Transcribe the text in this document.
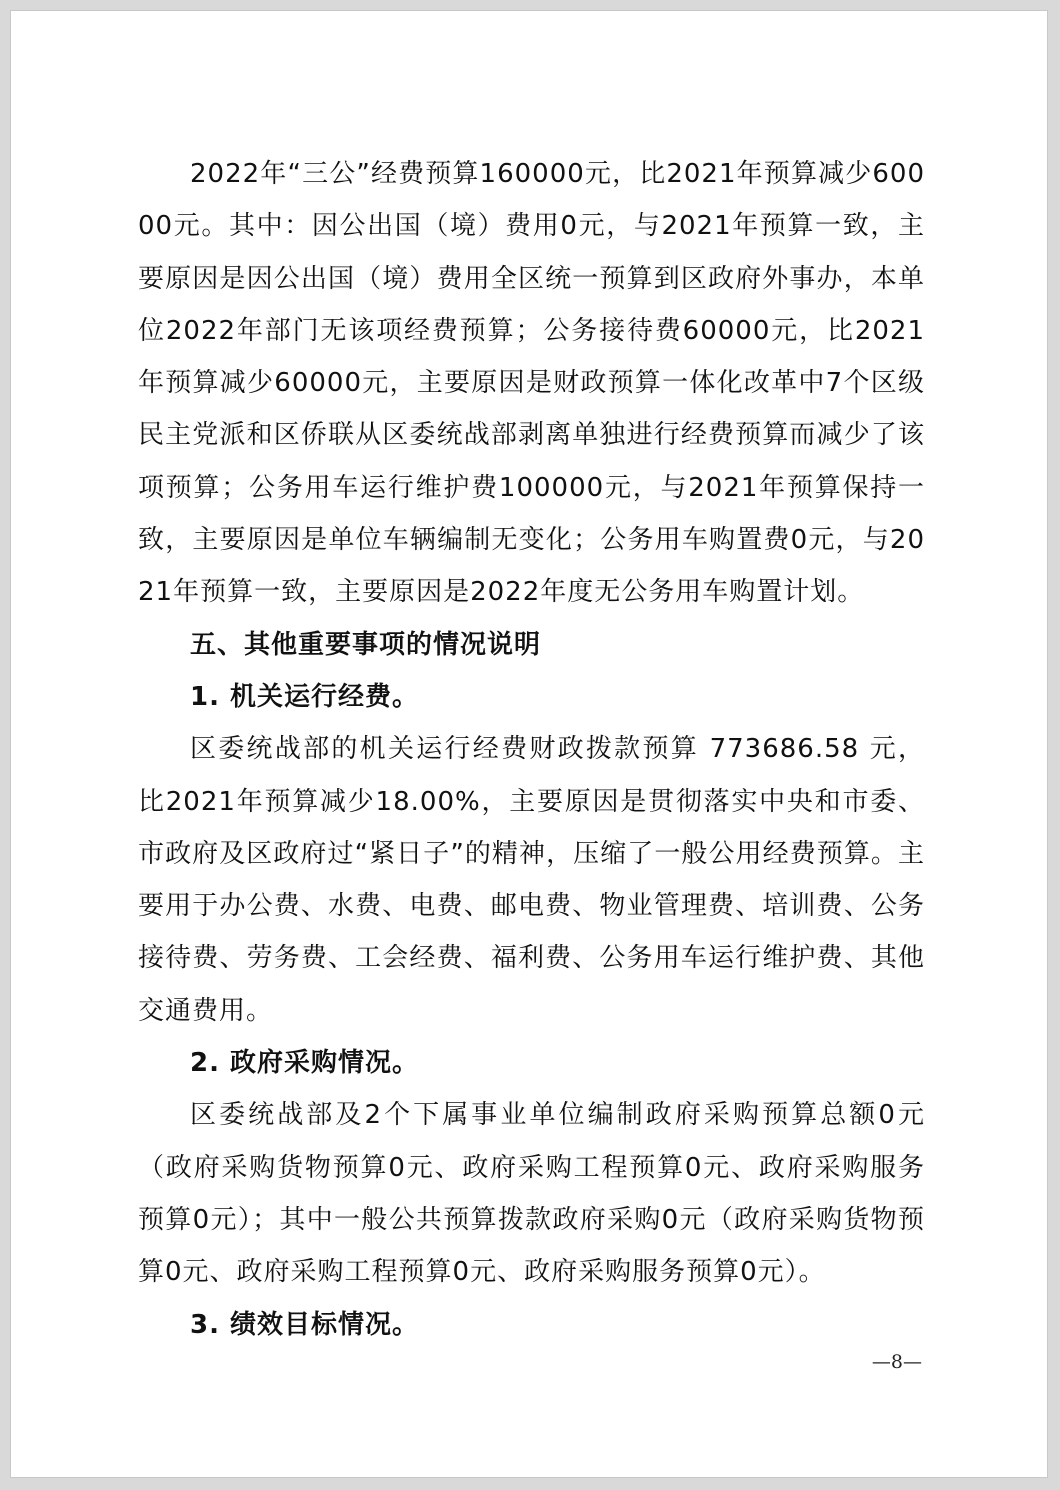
2022年“三公”经费预算160000元，比2021年预算减少60000元。其中：因公出国（境）费用0元，与2021年预算一致，主要原因是因公出国（境）费用全区统一预算到区政府外事办，本单位2022年部门无该项经费预算；公务接待费60000元，比2021年预算减少60000元，主要原因是财政预算一体化改革中7个区级民主党派和区侨联从区委统战部剥离单独进行经费预算而减少了该项预算；公务用车运行维护费100000元，与2021年预算保持一致，主要原因是单位车辆编制无变化；公务用车购置费0元，与2021年预算一致，主要原因是2022年度无公务用车购置计划。

五、其他重要事项的情况说明

1. 机关运行经费。

区委统战部的机关运行经费财政拨款预算 773686.58 元，比2021年预算减少18.00%，主要原因是贯彻落实中央和市委、市政府及区政府过“紧日子”的精神，压缩了一般公用经费预算。主要用于办公费、水费、电费、邮电费、物业管理费、培训费、公务接待费、劳务费、工会经费、福利费、公务用车运行维护费、其他交通费用。

2. 政府采购情况。

区委统战部及2个下属事业单位编制政府采购预算总额0元（政府采购货物预算0元、政府采购工程预算0元、政府采购服务预算0元）；其中一般公共预算拨款政府采购0元（政府采购货物预算0元、政府采购工程预算0元、政府采购服务预算0元）。

3. 绩效目标情况。

—8—
